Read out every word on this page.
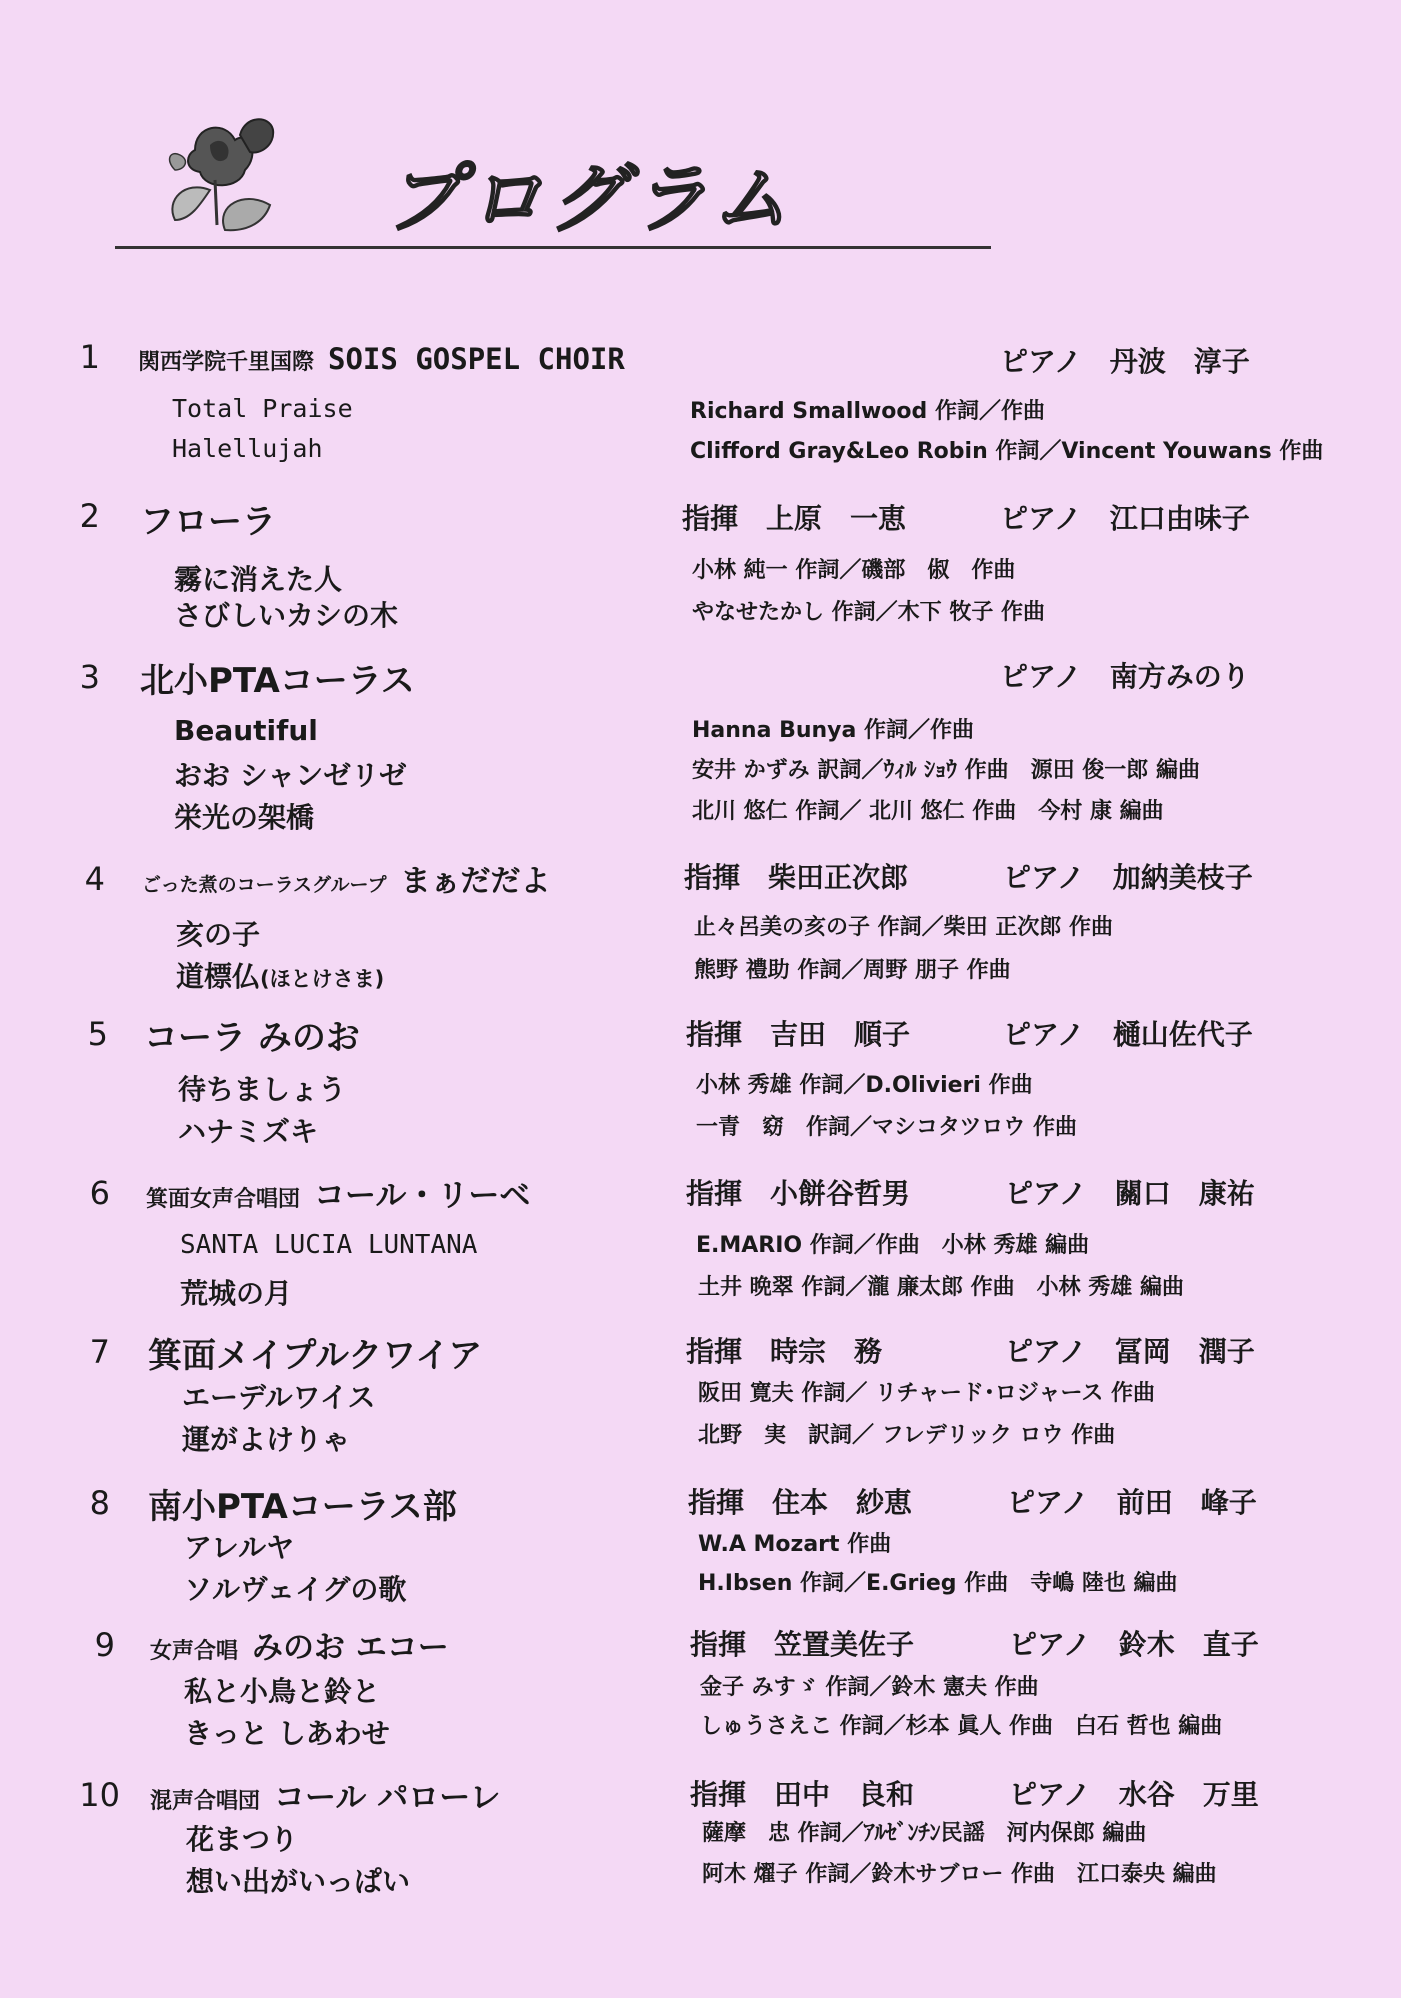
プログラム
1 関西学院千里国際 SOIS GOSPEL CHOIR	ピアノ　丹波　淳子
Total Praise	Richard Smallwood 作詞／作曲
Halellujah	Clifford Gray&Leo Robin 作詞／Vincent Youwans 作曲
2 フローラ	指揮　上原　一恵	ピアノ　江口由味子
霧に消えた人	小林 純一 作詞／磯部　俶　作曲
さびしいカシの木	やなせたかし 作詞／木下 牧子 作曲
3 北小PTAコーラス	ピアノ　南方みのり
Beautiful	Hanna Bunya 作詞／作曲
おお シャンゼリゼ	安井 かずみ 訳詞／ｳｨﾙ ｼｮｳ 作曲　源田 俊一郎 編曲
栄光の架橋	北川 悠仁 作詞／ 北川 悠仁 作曲　今村 康 編曲
4 ごった煮のコーラスグループ まぁだだよ	指揮　柴田正次郎	ピアノ　加納美枝子
亥の子	止々呂美の亥の子 作詞／柴田 正次郎 作曲
道標仏(ほとけさま)	熊野 禮助 作詞／周野 朋子 作曲
5 コーラ みのお	指揮　吉田　順子	ピアノ　樋山佐代子
待ちましょう	小林 秀雄 作詞／D.Olivieri 作曲
ハナミズキ	一青　窈　作詞／マシコタツロウ 作曲
6 箕面女声合唱団 コール・リーベ	指揮　小餅谷哲男	ピアノ　關口　康祐
SANTA LUCIA LUNTANA	E.MARIO 作詞／作曲　小林 秀雄 編曲
荒城の月	土井 晩翠 作詞／瀧 廉太郎 作曲　小林 秀雄 編曲
7 箕面メイプルクワイア	指揮　時宗　務	ピアノ　冨岡　潤子
エーデルワイス	阪田 寛夫 作詞／ リチャード･ロジャース 作曲
運がよけりゃ	北野　実　訳詞／ フレデリック ロウ 作曲
8 南小PTAコーラス部	指揮　住本　紗恵	ピアノ　前田　峰子
アレルヤ	W.A Mozart 作曲
ソルヴェイグの歌	H.Ibsen 作詞／E.Grieg 作曲　寺嶋 陸也 編曲
9 女声合唱 みのお エコー	指揮　笠置美佐子	ピアノ　鈴木　直子
私と小鳥と鈴と	金子 みすゞ 作詞／鈴木 憲夫 作曲
きっと しあわせ	しゅうさえこ 作詞／杉本 眞人 作曲　白石 哲也 編曲
10 混声合唱団 コール パローレ	指揮　田中　良和	ピアノ　水谷　万里
花まつり	薩摩　忠 作詞／ｱﾙｾﾞﾝﾁﾝ民謡　河内保郎 編曲
想い出がいっぱい	阿木 燿子 作詞／鈴木サブロー 作曲　江口泰央 編曲
